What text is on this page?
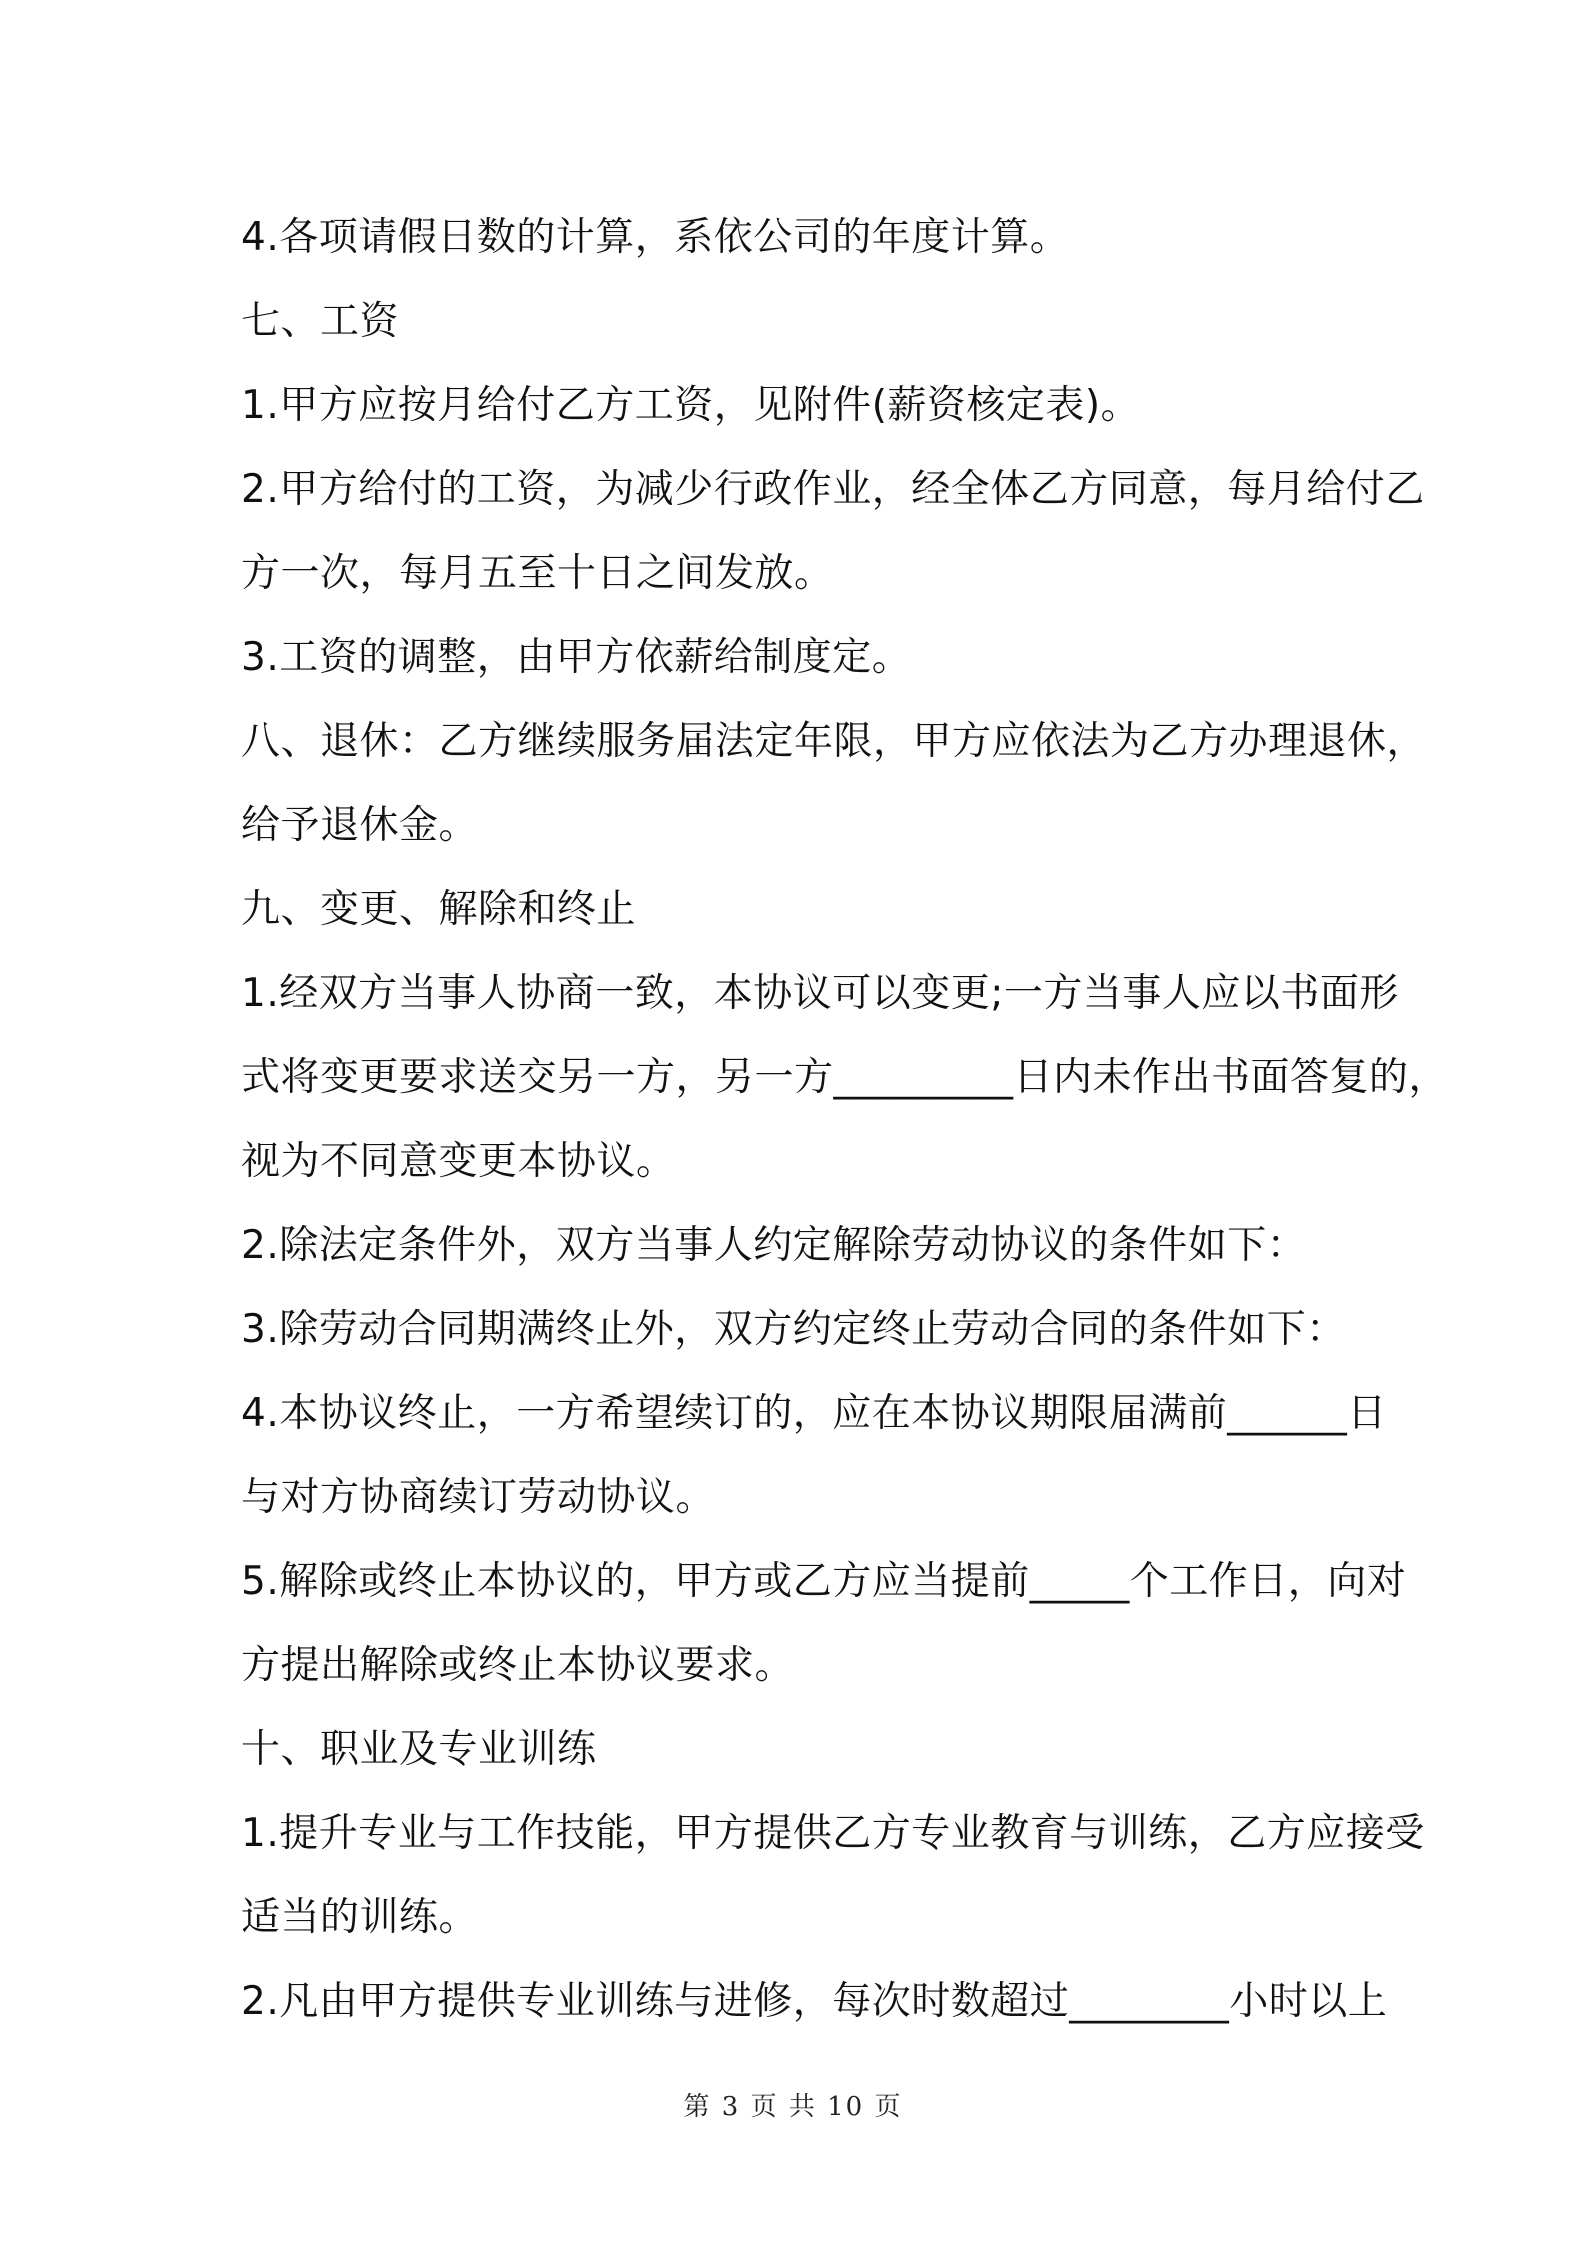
4.各项请假日数的计算，系依公司的年度计算。
七、工资
1.甲方应按月给付乙方工资，见附件(薪资核定表)。
2.甲方给付的工资，为减少行政作业，经全体乙方同意，每月给付乙
方一次，每月五至十日之间发放。
3.工资的调整，由甲方依薪给制度定。
八、退休：乙方继续服务届法定年限，甲方应依法为乙方办理退休，
给予退休金。
九、变更、解除和终止
1.经双方当事人协商一致，本协议可以变更;一方当事人应以书面形
式将变更要求送交另一方，另一方_________日内未作出书面答复的，
视为不同意变更本协议。
2.除法定条件外，双方当事人约定解除劳动协议的条件如下：
3.除劳动合同期满终止外，双方约定终止劳动合同的条件如下：
4.本协议终止，一方希望续订的，应在本协议期限届满前______日
与对方协商续订劳动协议。
5.解除或终止本协议的，甲方或乙方应当提前_____个工作日，向对
方提出解除或终止本协议要求。
十、职业及专业训练
1.提升专业与工作技能，甲方提供乙方专业教育与训练，乙方应接受
适当的训练。
2.凡由甲方提供专业训练与进修，每次时数超过________小时以上
第 3 页 共 10 页
